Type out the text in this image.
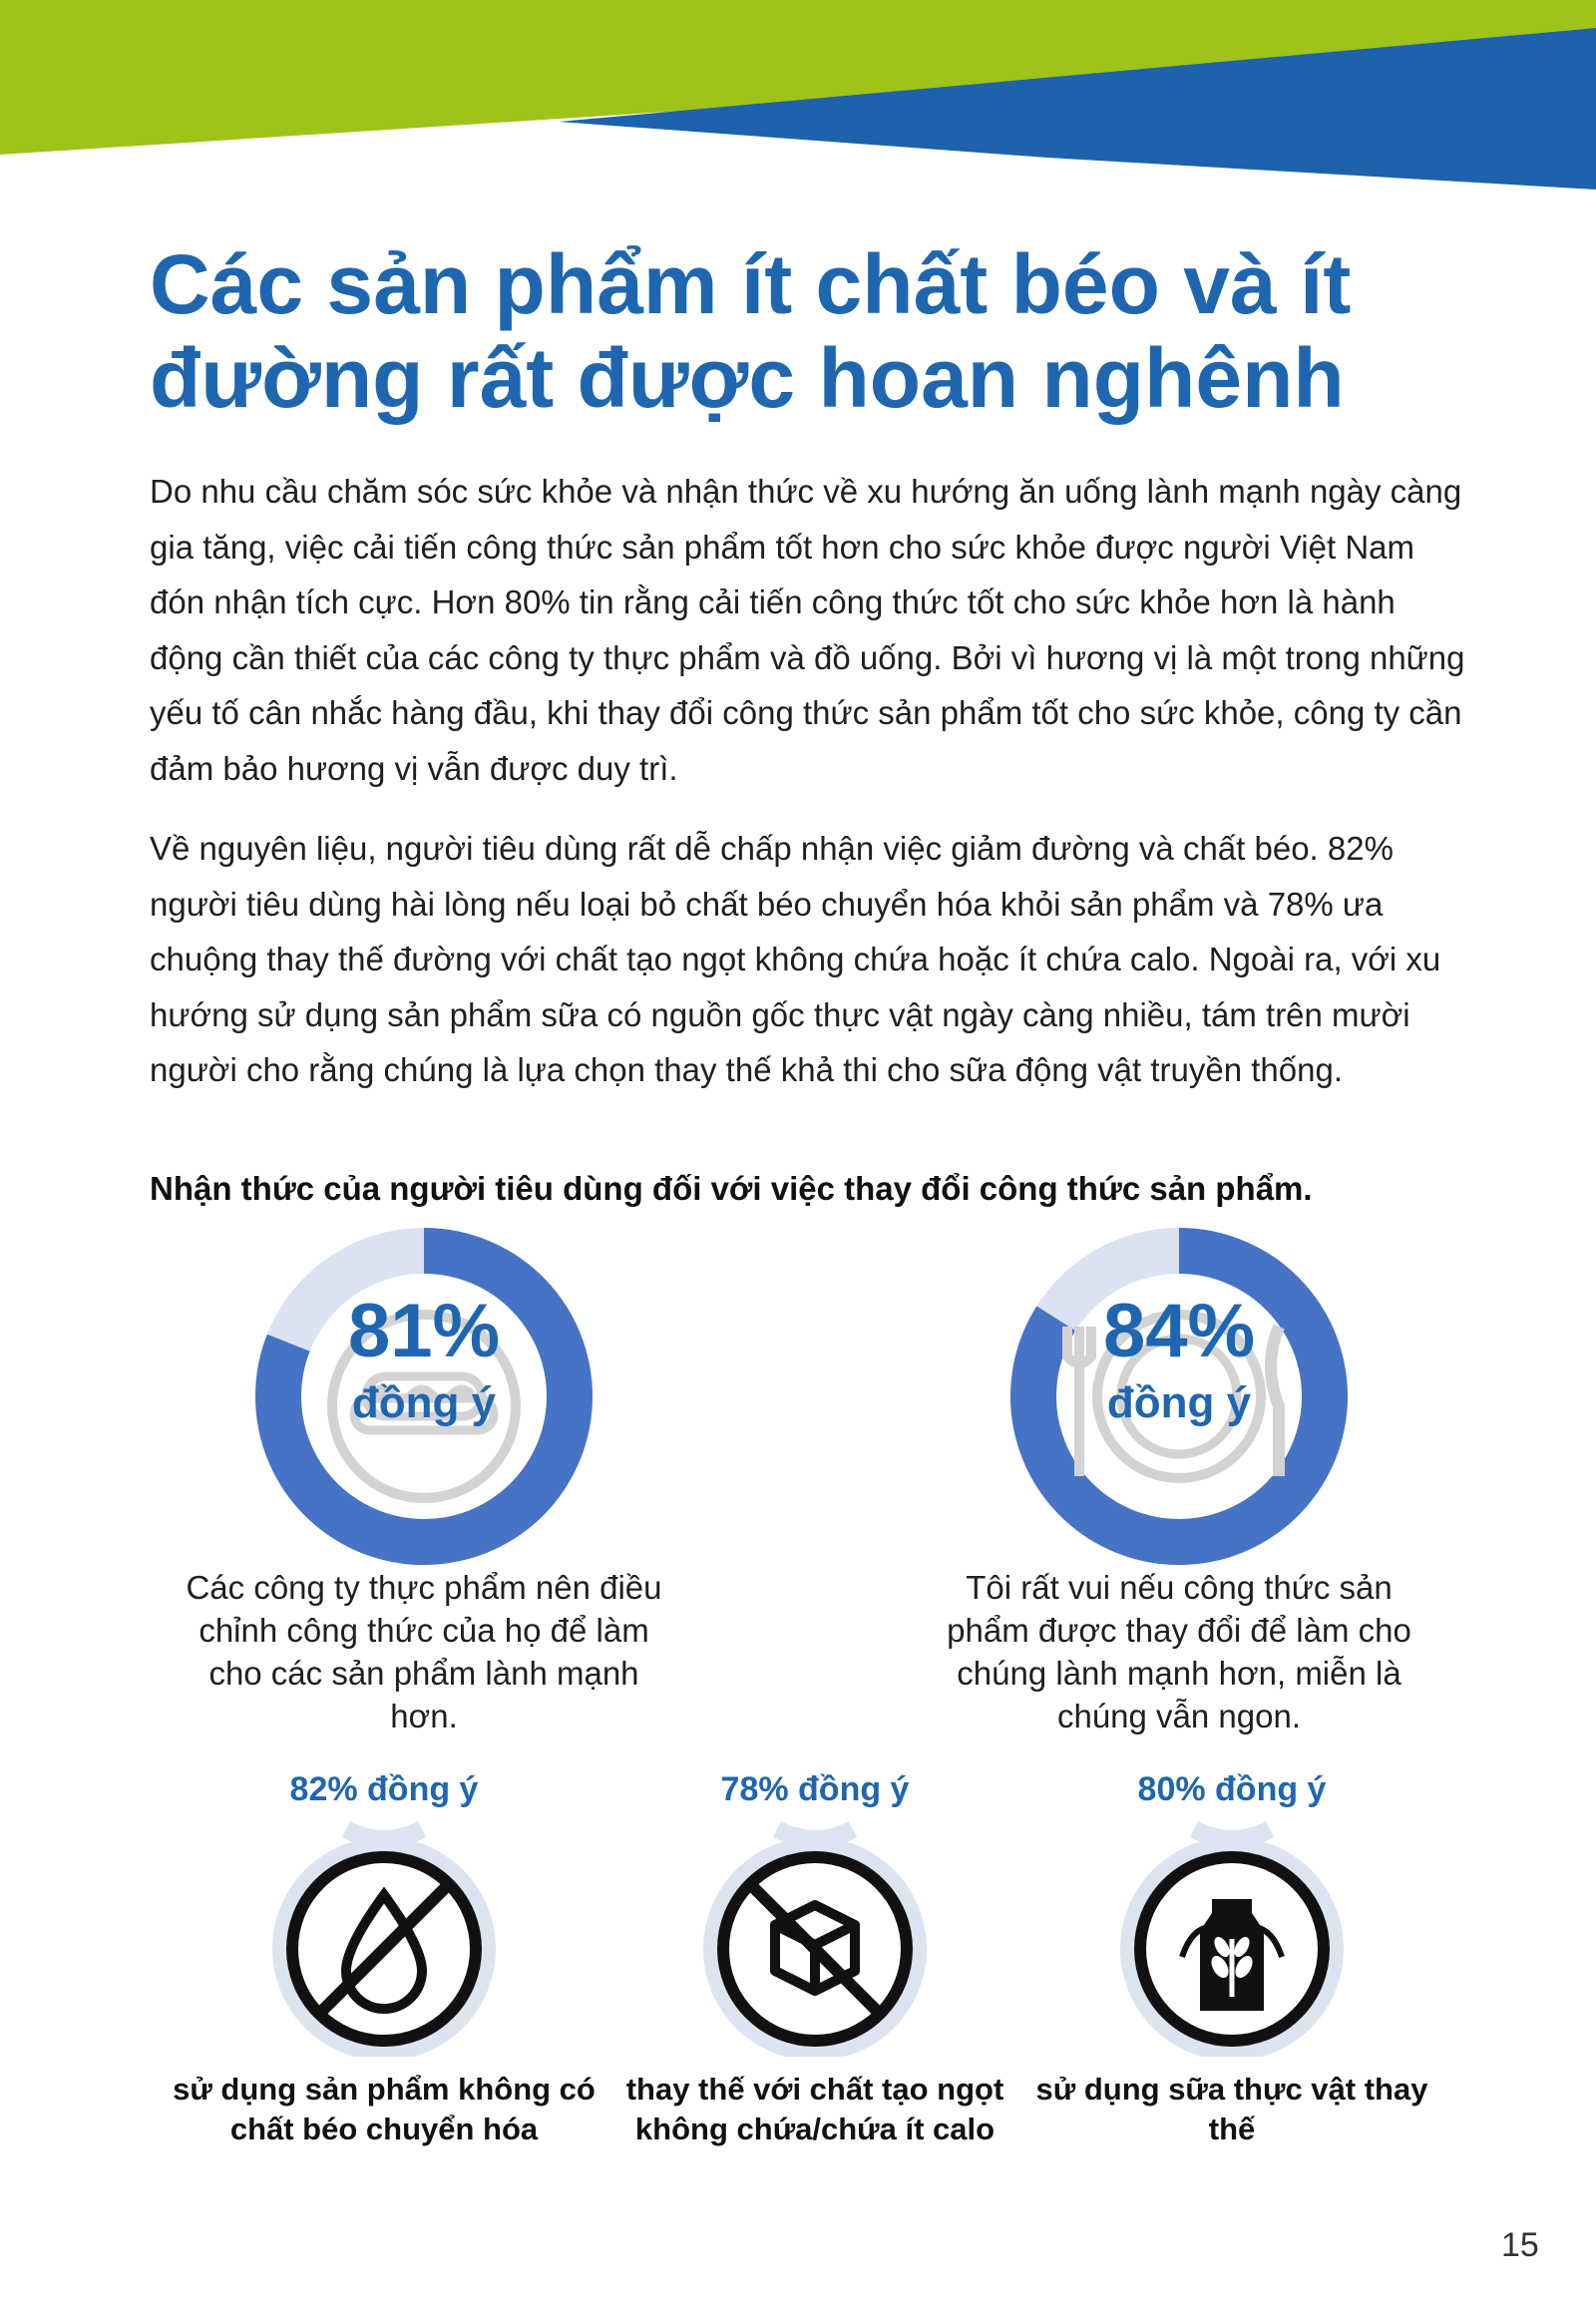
Các sản phẩm ít chất béo và ít đường rất được hoan nghênh

Do nhu cầu chăm sóc sức khỏe và nhận thức về xu hướng ăn uống lành mạnh ngày càng gia tăng, việc cải tiến công thức sản phẩm tốt hơn cho sức khỏe được người Việt Nam đón nhận tích cực. Hơn 80% tin rằng cải tiến công thức tốt cho sức khỏe hơn là hành động cần thiết của các công ty thực phẩm và đồ uống. Bởi vì hương vị là một trong những yếu tố cân nhắc hàng đầu, khi thay đổi công thức sản phẩm tốt cho sức khỏe, công ty cần đảm bảo hương vị vẫn được duy trì.

Về nguyên liệu, người tiêu dùng rất dễ chấp nhận việc giảm đường và chất béo. 82% người tiêu dùng hài lòng nếu loại bỏ chất béo chuyển hóa khỏi sản phẩm và 78% ưa chuộng thay thế đường với chất tạo ngọt không chứa hoặc ít chứa calo. Ngoài ra, với xu hướng sử dụng sản phẩm sữa có nguồn gốc thực vật ngày càng nhiều, tám trên mười người cho rằng chúng là lựa chọn thay thế khả thi cho sữa động vật truyền thống.

Nhận thức của người tiêu dùng đối với việc thay đổi công thức sản phẩm.

81%
đồng ý

Các công ty thực phẩm nên điều chỉnh công thức của họ để làm cho các sản phẩm lành mạnh hơn.

84%
đồng ý

Tôi rất vui nếu công thức sản phẩm được thay đổi để làm cho chúng lành mạnh hơn, miễn là chúng vẫn ngon.

82% đồng ý

sử dụng sản phẩm không có chất béo chuyển hóa

78% đồng ý

thay thế với chất tạo ngọt không chứa/chứa ít calo

80% đồng ý

sử dụng sữa thực vật thay thế

15
